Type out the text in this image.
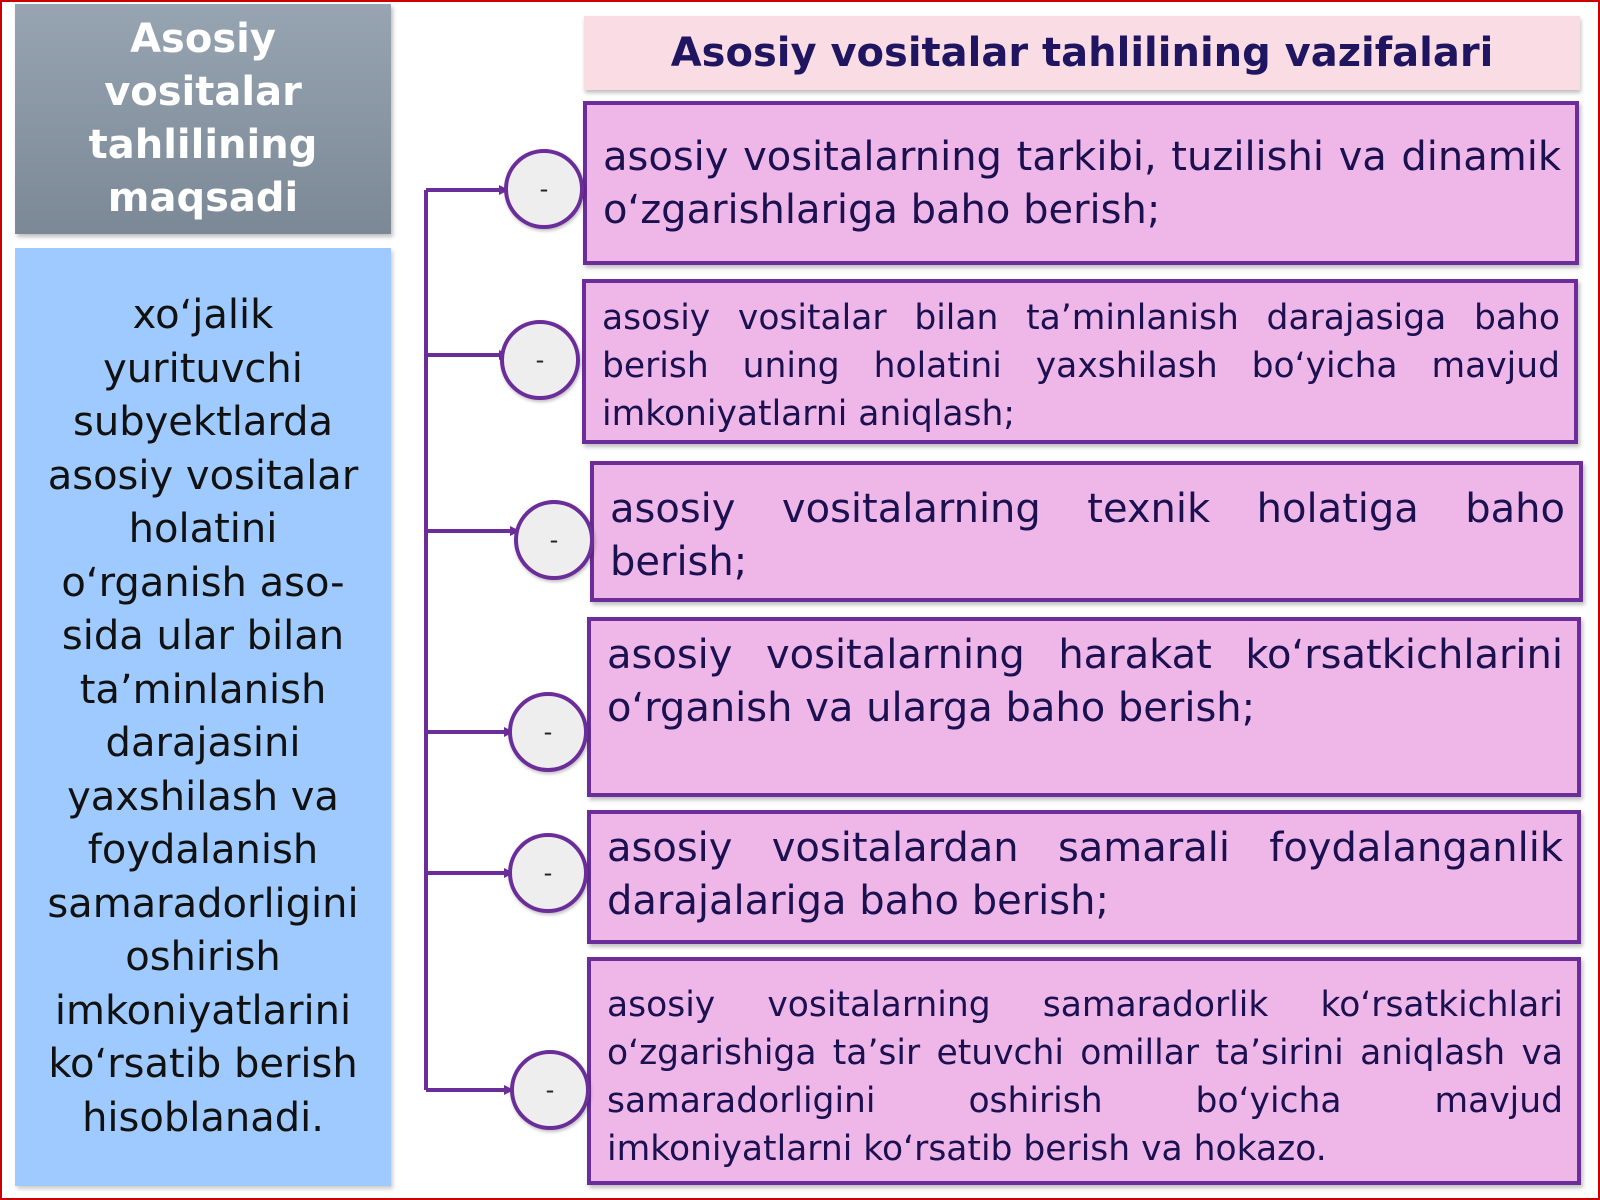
Asosiy vositalar tahlilining maqsadi
xo‘jalik yurituvchi subyektlarda asosiy vositalar holatini o‘rganish aso-sida ular bilan ta’minlanish darajasini yaxshilash va foydalanish samaradorligini oshirish imkoniyatlarini ko‘rsatib berish hisoblanadi.
Asosiy vositalar tahlilining vazifalari
asosiy vositalarning tarkibi, tuzilishi va dinamik o‘zgarishlariga baho berish;
-
asosiy vositalar bilan ta’minlanish darajasiga baho berish uning holatini yaxshilash bo‘yicha mavjud imkoniyatlarni aniqlash;
-
asosiy vositalarning texnik holatiga baho berish;
-
asosiy vositalarning harakat ko‘rsatkichlarini o‘rganish va ularga baho berish;
-
asosiy vositalardan samarali foydalanganlik darajalariga baho berish;
-
asosiy vositalarning samaradorlik ko‘rsatkichlari o‘zgarishiga ta’sir etuvchi omillar ta’sirini aniqlash va samaradorligini oshirish bo‘yicha mavjud imkoniyatlarni ko‘rsatib berish va hokazo.
-
